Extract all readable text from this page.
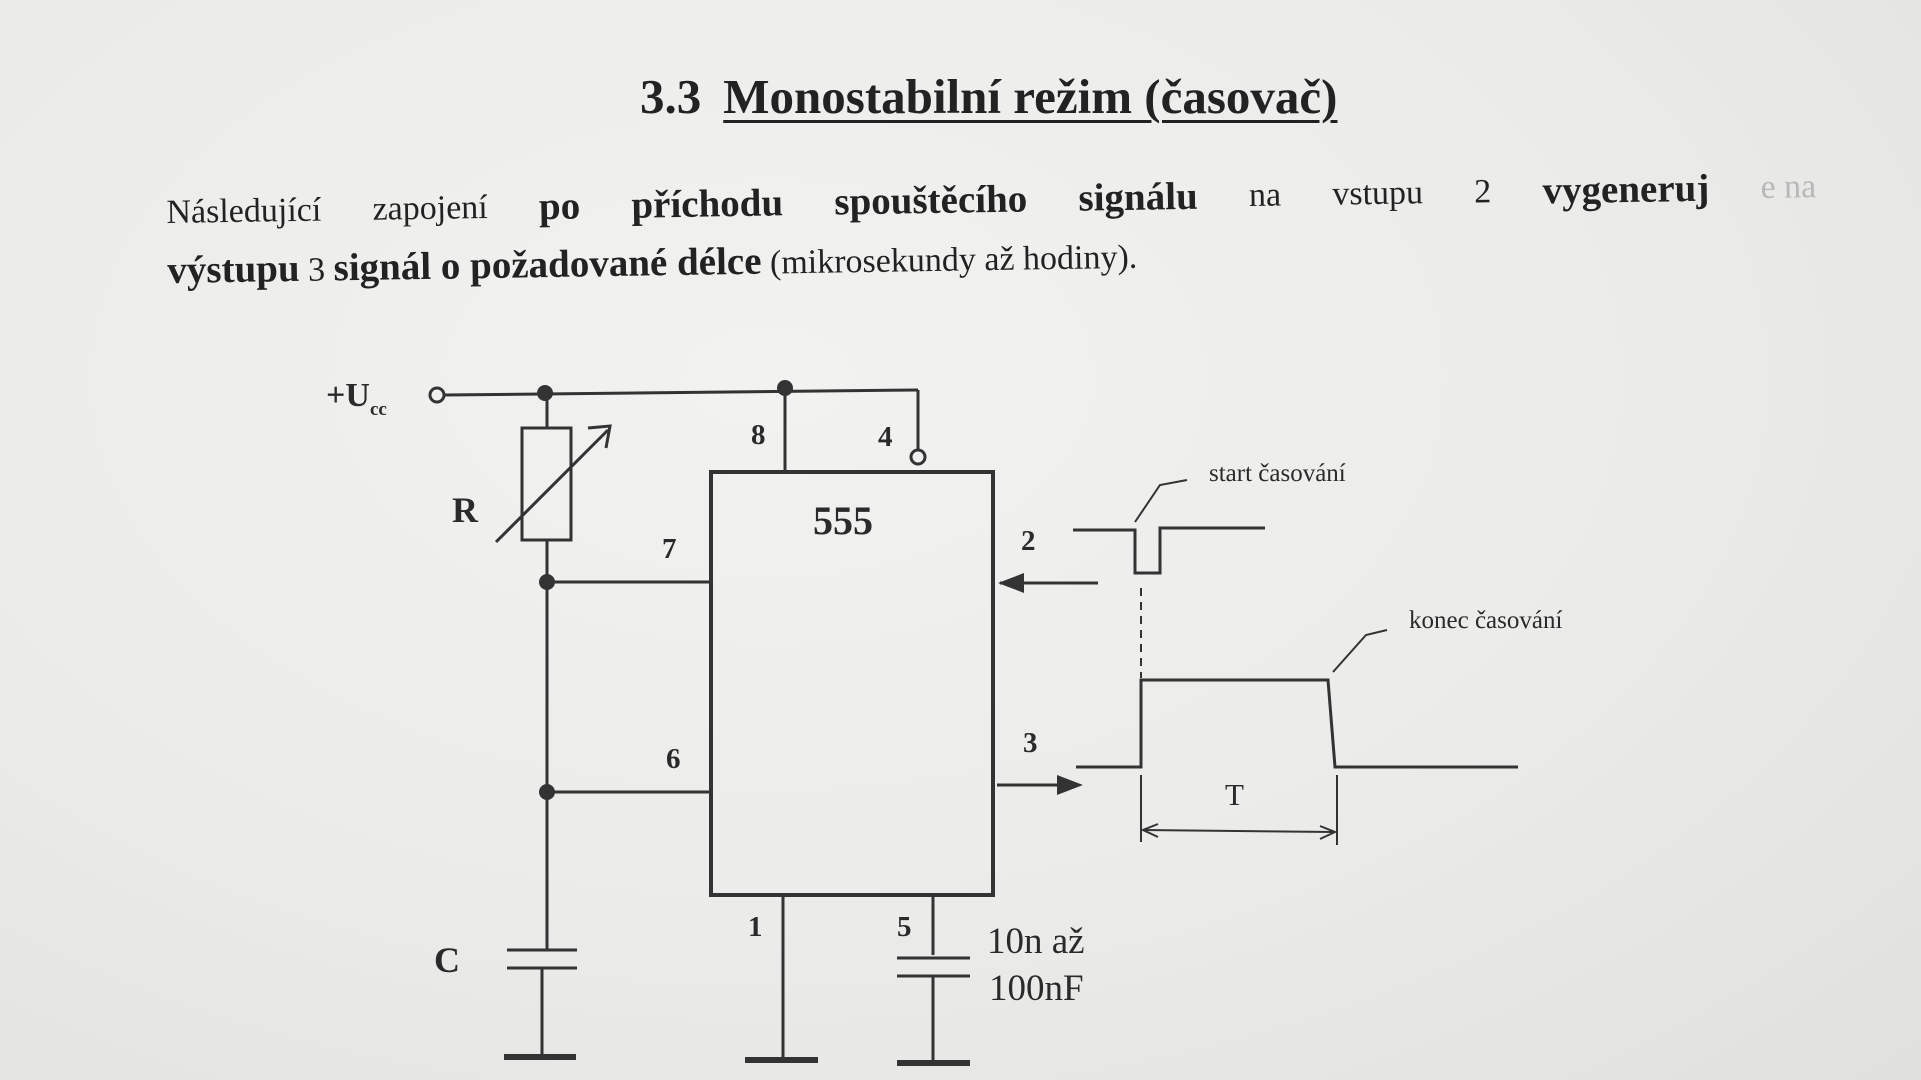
3.3 Monostabilní režim (časovač)
Následující zapojení po příchodu spouštěcího signálu na vstupu 2 vygeneruj e na
výstupu 3 signál o požadované délce (mikrosekundy až hodiny).
$+U_{cc}$
R
C
555
8	4
7
6
2
3
1	5 10n až
100nF
start časování
konec časování
T
